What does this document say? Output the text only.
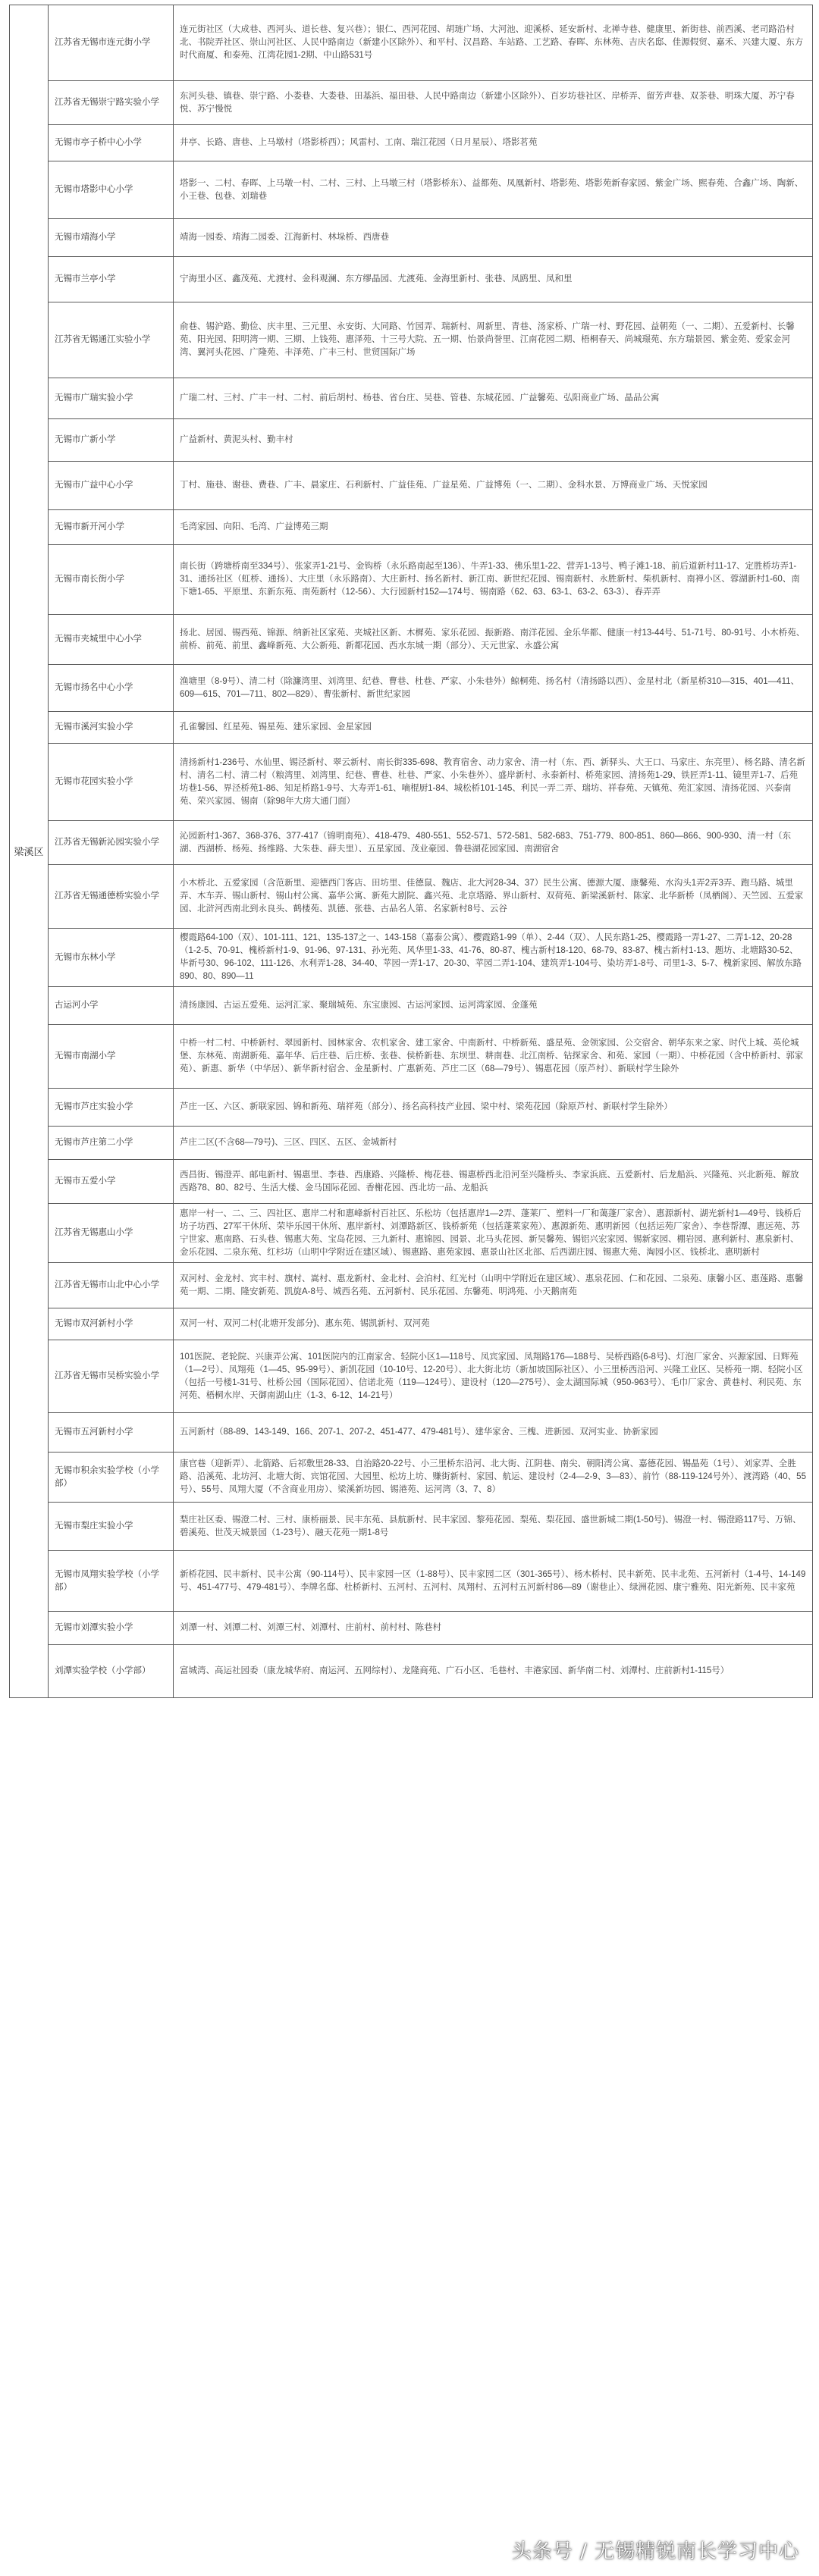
梁溪区	江苏省无锡市连元街小学	连元街社区（大成巷、西河头、道长巷、复兴巷）；银仁、西河花园、胡琏广场、大河池、迎溪桥、延安新村、北禅寺巷、健康里、新街巷、前西溪、老司路沿村北、书院弄社区、崇山河社区、人民中路南边（新建小区除外）、和平村、汉昌路、车站路、工艺路、春晖、东林苑、吉庆名邸、佳源假贸、嘉禾、兴建大厦、东方时代商厦、和泰苑、江湾花园1-2期、中山路531号
	江苏省无锡崇宁路实验小学	东河头巷、镇巷、崇宁路、小娄巷、大娄巷、田基浜、福田巷、人民中路南边（新建小区除外）、百岁坊巷社区、岸桥弄、留芳声巷、双茶巷、明珠大厦、苏宁春悦、苏宁慢悦
	无锡市亭子桥中心小学	井亭、长路、唐巷、上马墩村（塔影桥西）；风雷村、工南、瑞江花园（日月星辰）、塔影茗苑
	无锡市塔影中心小学	塔影一、二村、春晖、上马墩一村、二村、三村、上马墩三村（塔影桥东）、益都苑、凤凰新村、塔影苑、塔影苑新春家园、紫金广场、熙春苑、合鑫广场、陶新、小王巷、包巷、刘瑞巷
	无锡市靖海小学	靖海一园委、靖海二园委、江海新村、林垛桥、西唐巷
	无锡市兰亭小学	宁海里小区、鑫茂苑、尤渡村、金科观澜、东方缪晶园、尤渡苑、金海里新村、张巷、凤鸥里、凤和里
	江苏省无锡通江实验小学	俞巷、锡沪路、勤俭、庆丰里、三元里、永安街、大同路、竹园弄、瑞新村、周新里、青巷、汤家桥、广瑞一村、野花园、益朝苑（一、二期）、五爱新村、长馨苑、阳光园、阳明湾一期、三期、上钱苑、惠泽苑、十三号大院、五一期、怡景尚誉里、江南花园二期、梧桐春天、尚城璟苑、东方瑞景园、紫金苑、爱家金河湾、翼河头花园、广隆苑、丰泽苑、广丰三村、世贸国际广场
	无锡市广瑞实验小学	广瑞二村、三村、广丰一村、二村、前后胡村、杨巷、省台庄、吴巷、管巷、东城花园、广益馨苑、弘阳商业广场、晶品公寓
	无锡市广新小学	广益新村、黄泥头村、勤丰村
	无锡市广益中心小学	丁村、施巷、谢巷、费巷、广丰、晨家庄、石利新村、广益佳苑、广益星苑、广益博苑（一、二期）、金科水景、万博商业广场、天悦家园
	无锡市新开河小学	毛湾家园、向阳、毛湾、广益博苑三期
	无锡市南长街小学	南长街（跨塘桥南至334号）、张家弄1-21号、金钩桥（永乐路南起至136）、牛弄1-33、佛乐里1-22、营弄1-13号、鸭子滩1-18、前后道新村11-17、定胜桥坊弄1-31、通扬社区（虹桥、通扬）、大庄里（永乐路南）、大庄新村、扬名新村、新江南、新世纪花园、锡南新村、永胜新村、柴机新村、南禅小区、蓉湖新村1-60、南下塘1-65、平原里、东新东苑、南苑新村（12-56）、大行园新村152—174号、锡南路（62、63、63-1、63-2、63-3）、春弄弄
	无锡市夹城里中心小学	扬北、居园、锡西苑、锦源、纳新社区家苑、夹城社区新、木樨苑、家乐花园、振新路、南洋花园、金乐华都、健康一村13-44号、51-71号、80-91号、小木桥苑、前桥、前苑、前里、鑫峰新苑、大公新苑、新都花园、西水东城一期（部分）、天元世家、永盛公寓
	无锡市扬名中心小学	渔塘里（8-9号）、清二村（除濂湾里、刘湾里、纪巷、曹巷、杜巷、严家、小朱巷外）鲸桐苑、扬名村（清扬路以西）、金星村北（新星桥310—315、401—411、609—615、701—711、802—829）、曹张新村、新世纪家园
	无锡市溪河实验小学	孔雀馨园、红星苑、锡星苑、建乐家园、金星家园
	无锡市花园实验小学	清扬新村1-236号、水仙里、锡泾新村、翠云新村、南长街335-698、教育宿舍、动力家舍、清一村（东、西、新驿头、大王口、马家庄、东亮里）、杨名路、清名新村、清名二村、清二村（粮湾里、刘湾里、纪巷、曹巷、杜巷、严家、小朱巷外）、盛岸新村、永泰新村、桥苑家园、清扬苑1-29、铁匠弄1-11、镜里弄1-7、后苑坊巷1-56、界泾桥苑1-86、知足桥路1-9号、大寿弄1-61、嘀棍厨1-84、城松桥101-145、利民一弄二弄、瑞坊、祥春苑、天镇苑、苑汇家园、清扬花园、兴泰南苑、荣兴家园、锡南（除98年大房大通门面）
	江苏省无锡新沁园实验小学	沁园新村1-367、368-376、377-417（锦明南苑）、418-479、480-551、552-571、572-581、582-683、751-779、800-851、860—866、900-930、清一村（东湖、西湖桥、杨苑、扬维路、大朱巷、薛夫里）、五星家园、茂业豪园、鲁巷湖花园家园、南湖宿舍
	江苏省无锡通德桥实验小学	小木桥北、五爱家园（含范新里、迎德西门客店、田坊里、佳德鼠、魏店、北大河28-34、37）民生公寓、德源大厦、康馨苑、水沟头1弄2弄3弄、跑马路、城里弄、木车弄、锡山新村、锡山村公寓、嘉华公寓、新苑大剧院、鑫兴苑、北京塔路、界山新村、双荷苑、新梁溪新村、陈家、北华新桥（凤栖阁）、天竺园、五爱家园、北浒河西南北到永良头、鹤楼苑、凯德、张巷、古品名人第、名家新村8号、云谷
	无锡市东林小学	樱霞路64-100（双）、101-111、121、135-137之一、143-158（嘉泰公寓）、樱霞路1-99（单）、2-44（双）、人民东路1-25、樱霞路一弄1-27、二弄1-12、20-28（1-2-5、70-91、槐桥新村1-9、91-96、97-131、孙光苑、风华里1-33、41-76、80-87、槐古新村18-120、68-79、83-87、槐古新村1-13、题坊、北塘路30-52、毕新号30、96-102、111-126、水利弄1-28、34-40、苹园一弄1-17、20-30、苹园二弄1-104、建筑弄1-104号、染坊弄1-8号、司里1-3、5-7、槐新家园、解放东路890、80、890—11
	古运河小学	清扬康园、古运五爱苑、运河汇家、聚瑞城苑、东宝康园、古运河家园、运河湾家园、金蓬苑
	无锡市南湖小学	中桥一村二村、中桥新村、翠园新村、园林家舍、农机家舍、建工家舍、中南新村、中桥新苑、盛星苑、金领家园、公交宿舍、朝华东来之家、时代上城、英伦城堡、东林苑、南湖新苑、嘉年华、后庄巷、后庄桥、张巷、侯桥新巷、东坝里、耕南巷、北江南桥、钻探家舍、和苑、家园（一期）、中桥花园（含中桥新村、郭家苑）、新惠、新华（中华居）、新华新村宿舍、金星新村、广惠新苑、芦庄二区（68—79号）、锡惠花园（原芦村）、新联村学生除外
	无锡市芦庄实验小学	芦庄一区、六区、新联家园、锦和新苑、瑞祥苑（部分）、扬名高科技产业园、梁中村、梁苑花园（除原芦村、新联村学生除外）
	无锡市芦庄第二小学	芦庄二区(不含68—79号)、三区、四区、五区、金城新村
	无锡市五爱小学	西昌街、锡澄弄、邮电新村、锡惠里、李巷、西康路、兴隆桥、梅花巷、锡惠桥西北沿河至兴隆桥头、李家浜底、五爱新村、后龙船浜、兴隆苑、兴北新苑、解放西路78、80、82号、生活大楼、金马国际花园、香榭花园、西北坊一品、龙船浜
	江苏省无锡惠山小学	惠岸一村一、二、三、四社区、惠岸二村和惠峰新村百社区、乐松坊（包括惠岸1—2弄、蓬莱厂、塑料一厂和蔼蓬厂家舍）、惠源新村、湖光新村1—49号、钱桥后坊子坊西、27军干休所、荣毕乐园干休所、惠岸新村、刘潭路新区、钱桥新苑（包括蓬莱家苑）、惠源新苑、惠明新园（包括运苑厂家舍）、李巷帮潭、惠远苑、苏宁世家、惠南路、石头巷、锡惠大苑、宝岛花园、三九新村、惠锦园、园景、北马头花园、新吴馨苑、锡铝兴宏家园、锡新家园、棚岩园、惠利新村、惠泉新村、金乐花园、二泉东苑、红杉坊（山明中学附近在建区域）、锡惠路、惠苑家园、惠景山社区北部、后西湖庄园、锡惠大苑、淘园小区、钱桥北、惠明新村
	江苏省无锡市山北中心小学	双河村、金龙村、宾丰村、旗村、嵩村、惠龙新村、金北村、会泊村、红光村（山明中学附近在建区域）、惠泉花园、仁和花园、二泉苑、康馨小区、惠莲路、惠馨苑一期、二期、隆安新苑、凯旋A-8号、城西名苑、五河新村、民乐花园、东馨苑、明鸿苑、小天鹅南苑
	无锡市双河新村小学	双河一村、双河二村(北塘开发部分)、惠东苑、锡凯新村、双河苑
	江苏省无锡市吴桥实验小学	101医院、老轮院、兴康弄公寓、101医院内的江南家舍、轻院小区1—118号、凤宾家园、凤翔路176—188号、吴桥西路(6-8号)、灯泡厂家舍、兴源家园、日辉苑（1—2号）、凤翔苑（1—45、95-99号）、新凯花园（10-10号、12-20号）、北大街北坊（新加坡国际社区）、小三里桥西沿河、兴隆工业区、吴桥苑一期、轻院小区（包括一号楼1-31号、杜桥公园（国际花园）、信诺北苑（119—124号）、建设村（120—275号）、金太湖国际城（950-963号）、毛巾厂家舍、黄巷村、利民苑、东河苑、梧桐水岸、天御南湖山庄（1-3、6-12、14-21号）
	无锡市五河新村小学	五河新村（88-89、143-149、166、207-1、207-2、451-477、479-481号）、建华家舍、三槐、进新园、双河实业、协新家园
	无锡市积余实验学校（小学部）	康官巷（迎新弄）、北箭路、后祁敷里28-33、自治路20-22号、小三里桥东沿河、北大街、江阴巷、南尖、朝阳湾公寓、嘉德花园、锡晶苑（1号）、刘家弄、全胜路、沿溪苑、北坊河、北塘大街、宾馆花园、大园里、松坊上坊、赚街新村、家园、航运、建设村（2-4—2-9、3—83）、前竹（88-119-124号外）、渡湾路（40、55号）、55号、凤翔大厦（不含商业用房）、梁溪新坊园、锡港苑、运河湾（3、7、8）
	无锡市梨庄实验小学	梨庄社区委、锡澄二村、三村、康桥丽景、民丰东苑、县航新村、民丰家园、黎苑花园、梨苑、梨花园、盛世新城二期(1-50号)、锡澄一村、锡澄路117号、万锦、碧溪苑、世茂天城景园（1-23号）、融天花苑一期1-8号
	无锡市凤翔实验学校（小学部）	新桥花园、民丰新村、民丰公寓（90-114号）、民丰家园一区（1-88号）、民丰家园二区（301-365号）、杨木桥村、民丰新苑、民丰北苑、五河新村（1-4号、14-149号、451-477号、479-481号）、李牌名邸、杜桥新村、五河村、五河村、凤翔村、五河村五河新村86—89（谢巷止）、绿洲花园、康宁雅苑、阳光新苑、民丰家苑
	无锡市刘潭实验小学	刘潭一村、刘潭二村、刘潭三村、刘潭村、庄前村、前村村、陈巷村
	刘潭实验学校（小学部）	富城湾、高运社园委（康龙城华府、南运河、五网综村）、龙隆商苑、广石小区、毛巷村、丰港家园、新华南二村、刘潭村、庄前新村1-115号）
头条号 / 无锡精锐南长学习中心
